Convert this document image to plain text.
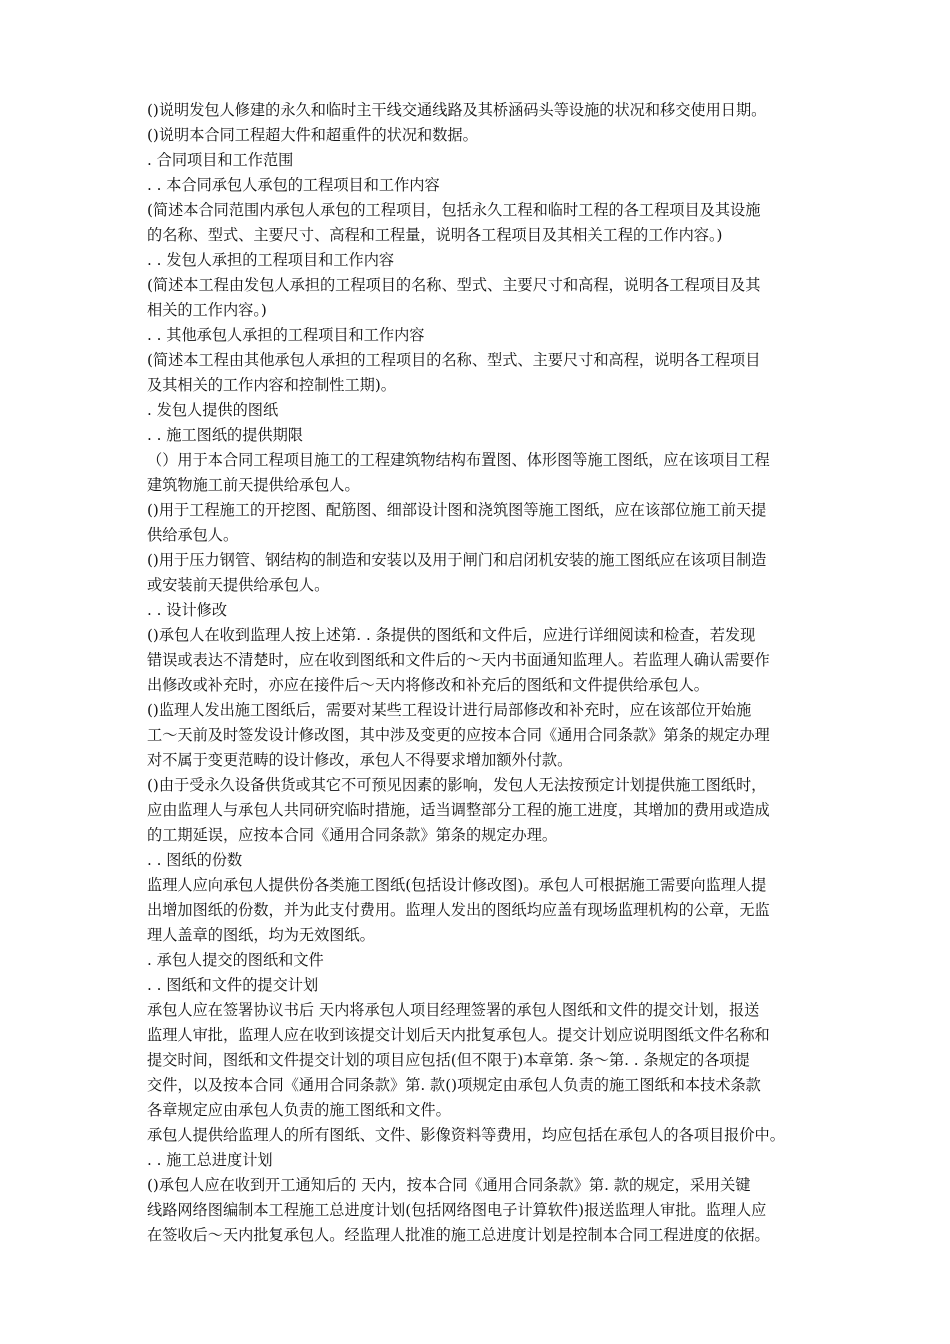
()说明发包人修建的永久和临时主干线交通线路及其桥涵码头等设施的状况和移交使用日期。
()说明本合同工程超大件和超重件的状况和数据。
. 合同项目和工作范围
. . 本合同承包人承包的工程项目和工作内容
(简述本合同范围内承包人承包的工程项目，包括永久工程和临时工程的各工程项目及其设施
的名称、型式、主要尺寸、高程和工程量，说明各工程项目及其相关工程的工作内容。)
. . 发包人承担的工程项目和工作内容
(简述本工程由发包人承担的工程项目的名称、型式、主要尺寸和高程，说明各工程项目及其
相关的工作内容。)
. . 其他承包人承担的工程项目和工作内容
(简述本工程由其他承包人承担的工程项目的名称、型式、主要尺寸和高程，说明各工程项目
及其相关的工作内容和控制性工期)。
. 发包人提供的图纸
. . 施工图纸的提供期限
（）用于本合同工程项目施工的工程建筑物结构布置图、体形图等施工图纸，应在该项目工程
建筑物施工前天提供给承包人。
()用于工程施工的开挖图、配筋图、细部设计图和浇筑图等施工图纸，应在该部位施工前天提
供给承包人。
()用于压力钢管、钢结构的制造和安装以及用于闸门和启闭机安装的施工图纸应在该项目制造
或安装前天提供给承包人。
. . 设计修改
()承包人在收到监理人按上述第. . 条提供的图纸和文件后，应进行详细阅读和检查，若发现
错误或表达不清楚时，应在收到图纸和文件后的～天内书面通知监理人。若监理人确认需要作
出修改或补充时，亦应在接件后～天内将修改和补充后的图纸和文件提供给承包人。
()监理人发出施工图纸后，需要对某些工程设计进行局部修改和补充时，应在该部位开始施
工～天前及时签发设计修改图，其中涉及变更的应按本合同《通用合同条款》第条的规定办理
对不属于变更范畴的设计修改，承包人不得要求增加额外付款。
()由于受永久设备供货或其它不可预见因素的影响，发包人无法按预定计划提供施工图纸时，
应由监理人与承包人共同研究临时措施，适当调整部分工程的施工进度，其增加的费用或造成
的工期延误，应按本合同《通用合同条款》第条的规定办理。
. . 图纸的份数
监理人应向承包人提供份各类施工图纸(包括设计修改图)。承包人可根据施工需要向监理人提
出增加图纸的份数，并为此支付费用。监理人发出的图纸均应盖有现场监理机构的公章，无监
理人盖章的图纸，均为无效图纸。
. 承包人提交的图纸和文件
. . 图纸和文件的提交计划
承包人应在签署协议书后 天内将承包人项目经理签署的承包人图纸和文件的提交计划，报送
监理人审批，监理人应在收到该提交计划后天内批复承包人。提交计划应说明图纸文件名称和
提交时间，图纸和文件提交计划的项目应包括(但不限于)本章第. 条～第. . 条规定的各项提
交件，以及按本合同《通用合同条款》第. 款()项规定由承包人负责的施工图纸和本技术条款
各章规定应由承包人负责的施工图纸和文件。
承包人提供给监理人的所有图纸、文件、影像资料等费用，均应包括在承包人的各项目报价中。
. . 施工总进度计划
()承包人应在收到开工通知后的 天内，按本合同《通用合同条款》第. 款的规定，采用关键
线路网络图编制本工程施工总进度计划(包括网络图电子计算软件)报送监理人审批。监理人应
在签收后～天内批复承包人。经监理人批准的施工总进度计划是控制本合同工程进度的依据。
